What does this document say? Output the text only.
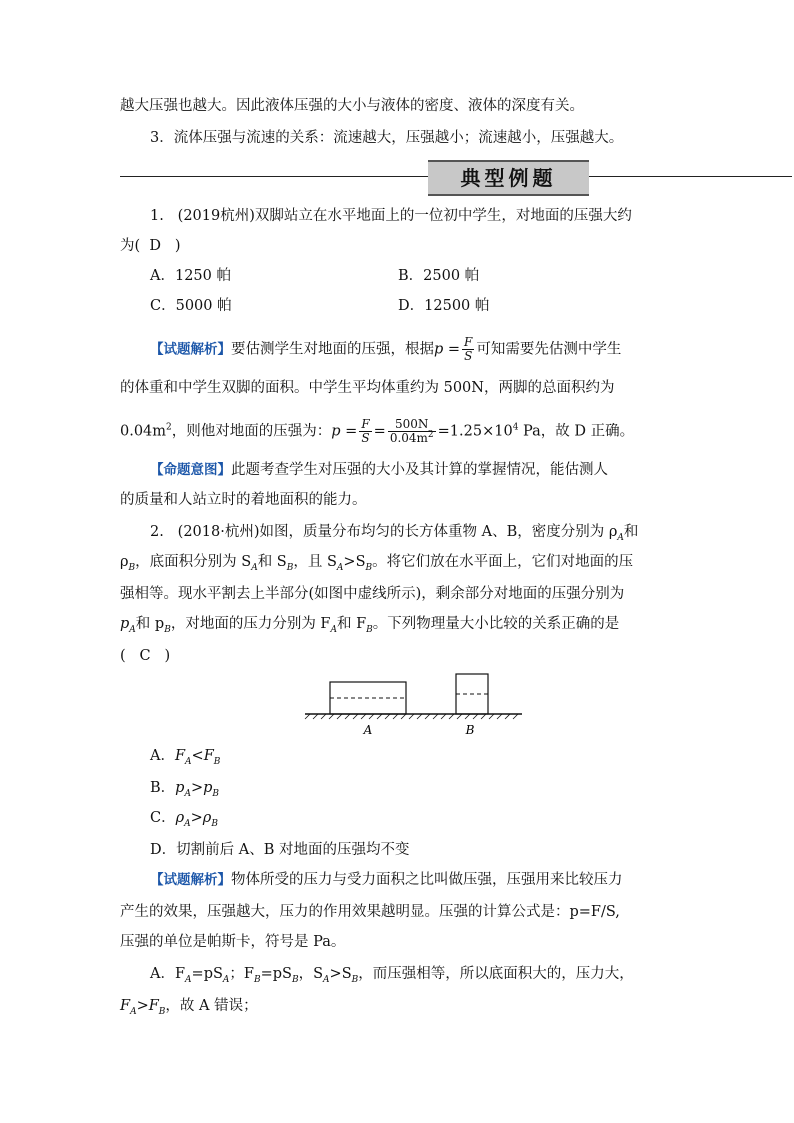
越大压强也越大。因此液体压强的大小与液体的密度、液体的深度有关。
3．流体压强与流速的关系：流速越大，压强越小；流速越小，压强越大。
典型例题
1. (2019杭州)双脚站立在水平地面上的一位初中学生，对地面的压强大约
为( D )
A．1250 帕	B．2500 帕
C．5000 帕	D．12500 帕
【试题解析】要估测学生对地面的压强，根据$p = \frac{F}{S}$ 可知需要先估测中学生
的体重和中学生双脚的面积。中学生平均体重约为 500N，两脚的总面积约为
$0.04m^2$，则他对地面的压强为：$p = \frac{F}{S} = \frac{500N}{0.04m^2} =1.25\times 10^4$ Pa，故 D 正确。
【命题意图】此题考查学生对压强的大小及其计算的掌握情况，能估测人
的质量和人站立时的着地面积的能力。
2. (2018·杭州)如图，质量分布均匀的长方体重物 A、B，密度分别为 $\rho_A$和
$\rho_B$，底面积分别为 $S_A$和 $S_B$，且 $S_A>S_B$。将它们放在水平面上，它们对地面的压
强相等。现水平割去上半部分(如图中虚线所示)，剩余部分对地面的压强分别为
$p_A$和 $p_B$，对地面的压力分别为 $F_A$和 $F_B$。下列物理量大小比较的关系正确的是
( C )
A	B
A．$F_A<F_B$
B．$p_A>p_B$
C．$\rho_A>\rho_B$
D．切割前后 A、B 对地面的压强均不变
【试题解析】物体所受的压力与受力面积之比叫做压强，压强用来比较压力
产生的效果，压强越大，压力的作用效果越明显。压强的计算公式是：p=F/S,
压强的单位是帕斯卡，符号是 Pa。
A．$F_A=pS_A$；$F_B=pS_B$，$S_A>S_B$，而压强相等，所以底面积大的，压力大，
$F_A>F_B$，故 A 错误；
